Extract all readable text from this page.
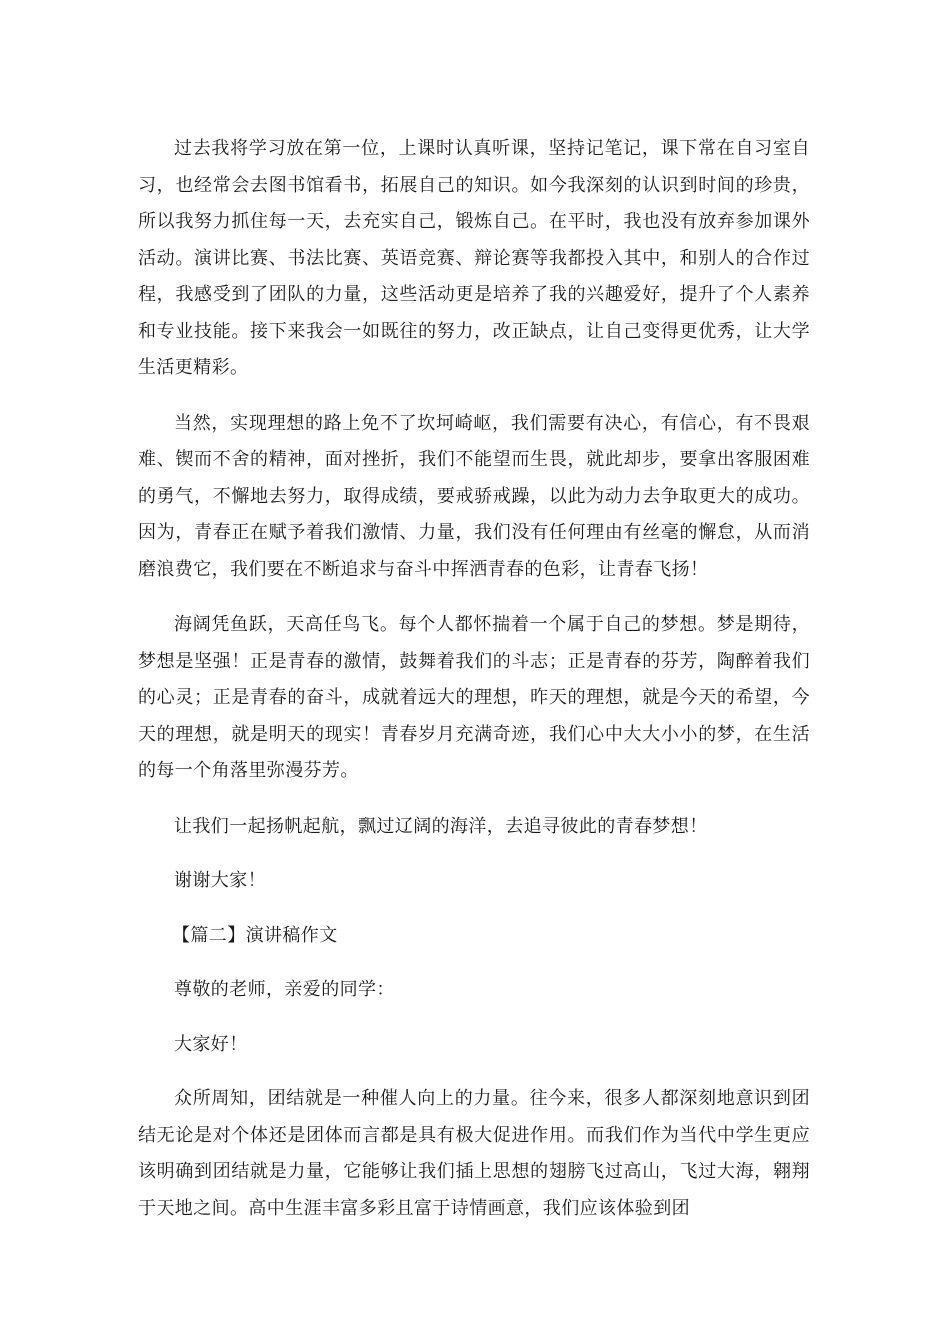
过去我将学习放在第一位，上课时认真听课，坚持记笔记，课下常在自习室自习，也经常会去图书馆看书，拓展自己的知识。如今我深刻的认识到时间的珍贵，所以我努力抓住每一天，去充实自己，锻炼自己。在平时，我也没有放弃参加课外活动。演讲比赛、书法比赛、英语竞赛、辩论赛等我都投入其中，和别人的合作过程，我感受到了团队的力量，这些活动更是培养了我的兴趣爱好，提升了个人素养和专业技能。接下来我会一如既往的努力，改正缺点，让自己变得更优秀，让大学生活更精彩。

当然，实现理想的路上免不了坎坷崎岖，我们需要有决心，有信心，有不畏艰难、锲而不舍的精神，面对挫折，我们不能望而生畏，就此却步，要拿出客服困难的勇气，不懈地去努力，取得成绩，要戒骄戒躁，以此为动力去争取更大的成功。因为，青春正在赋予着我们激情、力量，我们没有任何理由有丝毫的懈怠，从而消磨浪费它，我们要在不断追求与奋斗中挥洒青春的色彩，让青春飞扬！

海阔凭鱼跃，天高任鸟飞。每个人都怀揣着一个属于自己的梦想。梦是期待，梦想是坚强！正是青春的激情，鼓舞着我们的斗志；正是青春的芬芳，陶醉着我们的心灵；正是青春的奋斗，成就着远大的理想，昨天的理想，就是今天的希望，今天的理想，就是明天的现实！青春岁月充满奇迹，我们心中大大小小的梦，在生活的每一个角落里弥漫芬芳。

让我们一起扬帆起航，飘过辽阔的海洋，去追寻彼此的青春梦想！

谢谢大家！

【篇二】演讲稿作文

尊敬的老师，亲爱的同学：

大家好！

众所周知，团结就是一种催人向上的力量。往今来，很多人都深刻地意识到团结无论是对个体还是团体而言都是具有极大促进作用。而我们作为当代中学生更应该明确到团结就是力量，它能够让我们插上思想的翅膀飞过高山，飞过大海，翱翔于天地之间。高中生涯丰富多彩且富于诗情画意，我们应该体验到团
